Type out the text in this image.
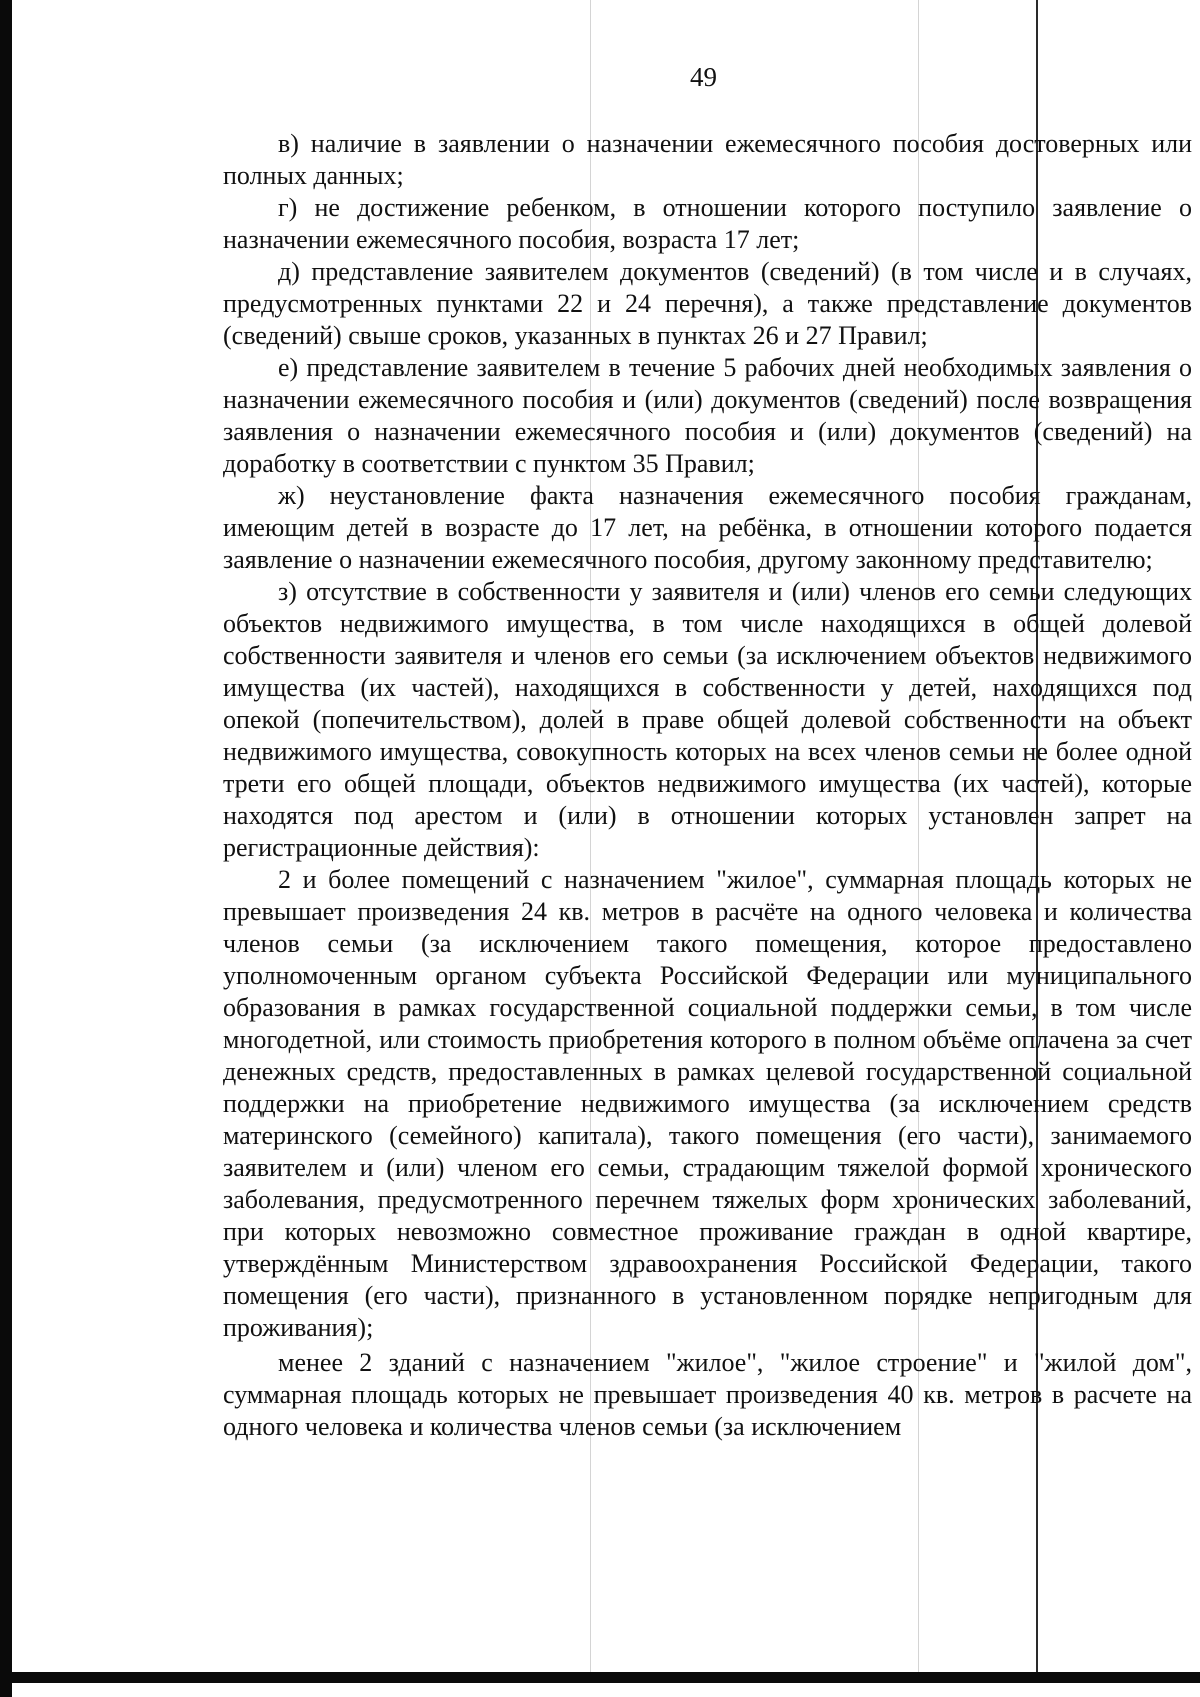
49

в) наличие в заявлении о назначении ежемесячного пособия достоверных или полных данных;

г) не достижение ребенком, в отношении которого поступило заявление о назначении ежемесячного пособия, возраста 17 лет;

д) представление заявителем документов (сведений) (в том числе и в случаях, предусмотренных пунктами 22 и 24 перечня), а также представление документов (сведений) свыше сроков, указанных в пунктах 26 и 27 Правил;

е) представление заявителем в течение 5 рабочих дней необходимых заявления о назначении ежемесячного пособия и (или) документов (сведений) после возвращения заявления о назначении ежемесячного пособия и (или) документов (сведений) на доработку в соответствии с пунктом 35 Правил;

ж) неустановление факта назначения ежемесячного пособия гражданам, имеющим детей в возрасте до 17 лет, на ребёнка, в отношении которого подается заявление о назначении ежемесячного пособия, другому законному представителю;

з) отсутствие в собственности у заявителя и (или) членов его семьи следующих объектов недвижимого имущества, в том числе находящихся в общей долевой собственности заявителя и членов его семьи (за исключением объектов недвижимого имущества (их частей), находящихся в собственности у детей, находящихся под опекой (попечительством), долей в праве общей долевой собственности на объект недвижимого имущества, совокупность которых на всех членов семьи не более одной трети его общей площади, объектов недвижимого имущества (их частей), которые находятся под арестом и (или) в отношении которых установлен запрет на регистрационные действия):

2 и более помещений с назначением "жилое", суммарная площадь которых не превышает произведения 24 кв. метров в расчёте на одного человека и количества членов семьи (за исключением такого помещения, которое предоставлено уполномоченным органом субъекта Российской Федерации или муниципального образования в рамках государственной социальной поддержки семьи, в том числе многодетной, или стоимость приобретения которого в полном объёме оплачена за счет денежных средств, предоставленных в рамках целевой государственной социальной поддержки на приобретение недвижимого имущества (за исключением средств материнского (семейного) капитала), такого помещения (его части), занимаемого заявителем и (или) членом его семьи, страдающим тяжелой формой хронического заболевания, предусмотренного перечнем тяжелых форм хронических заболеваний, при которых невозможно совместное проживание граждан в одной квартире, утверждённым Министерством здравоохранения Российской Федерации, такого помещения (его части), признанного в установленном порядке непригодным для проживания);

менее 2 зданий с назначением "жилое", "жилое строение" и "жилой дом", суммарная площадь которых не превышает произведения 40 кв. метров в расчете на одного человека и количества членов семьи (за исключением
